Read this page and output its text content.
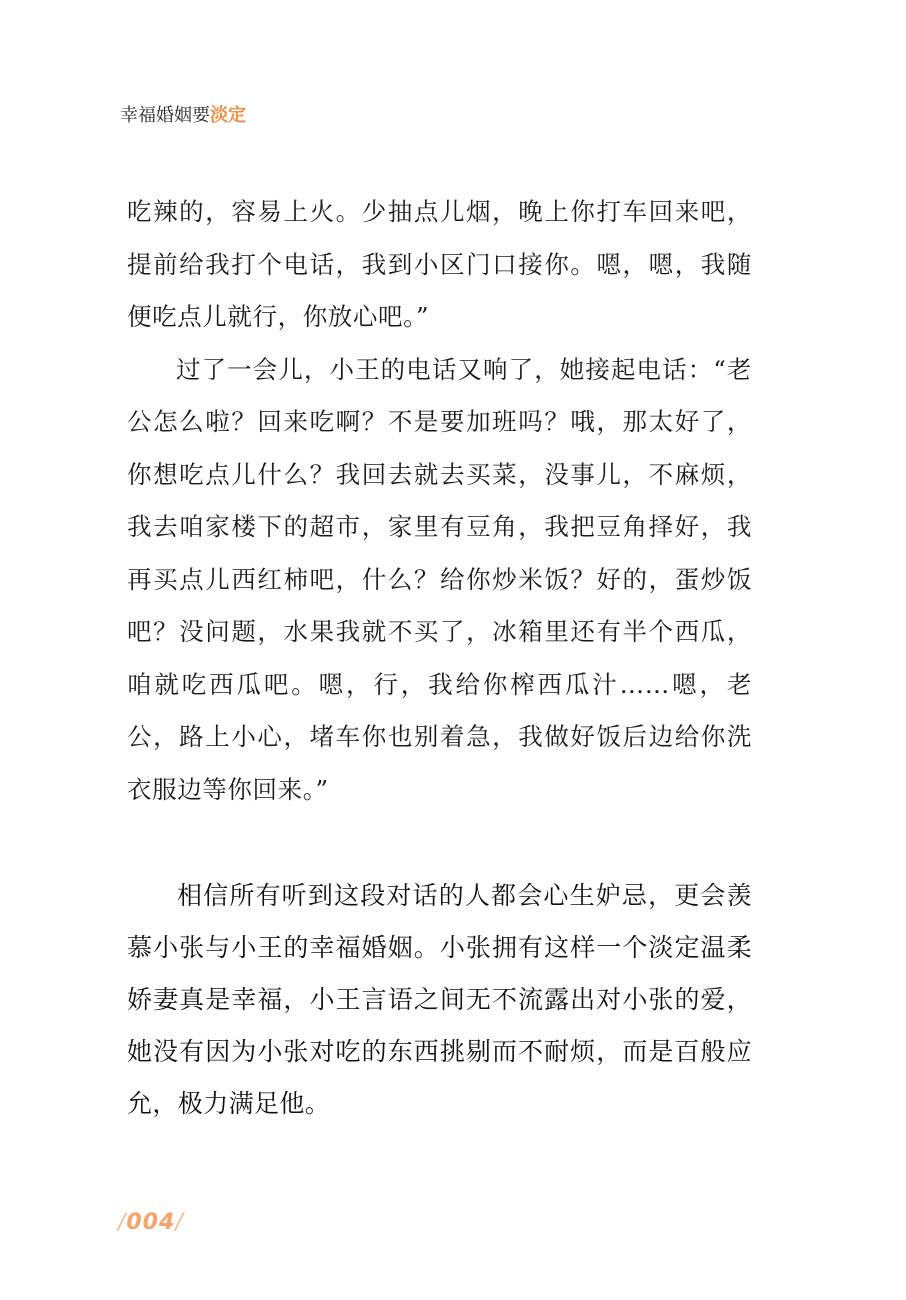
幸福婚姻要淡定

吃辣的，容易上火。少抽点儿烟，晚上你打车回来吧，提前给我打个电话，我到小区门口接你。嗯，嗯，我随便吃点儿就行，你放心吧。”

过了一会儿，小王的电话又响了，她接起电话：“老公怎么啦？回来吃啊？不是要加班吗？哦，那太好了，你想吃点儿什么？我回去就去买菜，没事儿，不麻烦，我去咱家楼下的超市，家里有豆角，我把豆角择好，我再买点儿西红柿吧，什么？给你炒米饭？好的，蛋炒饭吧？没问题，水果我就不买了，冰箱里还有半个西瓜，咱就吃西瓜吧。嗯，行，我给你榨西瓜汁……嗯，老公，路上小心，堵车你也别着急，我做好饭后边给你洗衣服边等你回来。”

相信所有听到这段对话的人都会心生妒忌，更会羡慕小张与小王的幸福婚姻。小张拥有这样一个淡定温柔娇妻真是幸福，小王言语之间无不流露出对小张的爱，她没有因为小张对吃的东西挑剔而不耐烦，而是百般应允，极力满足他。

/004/
